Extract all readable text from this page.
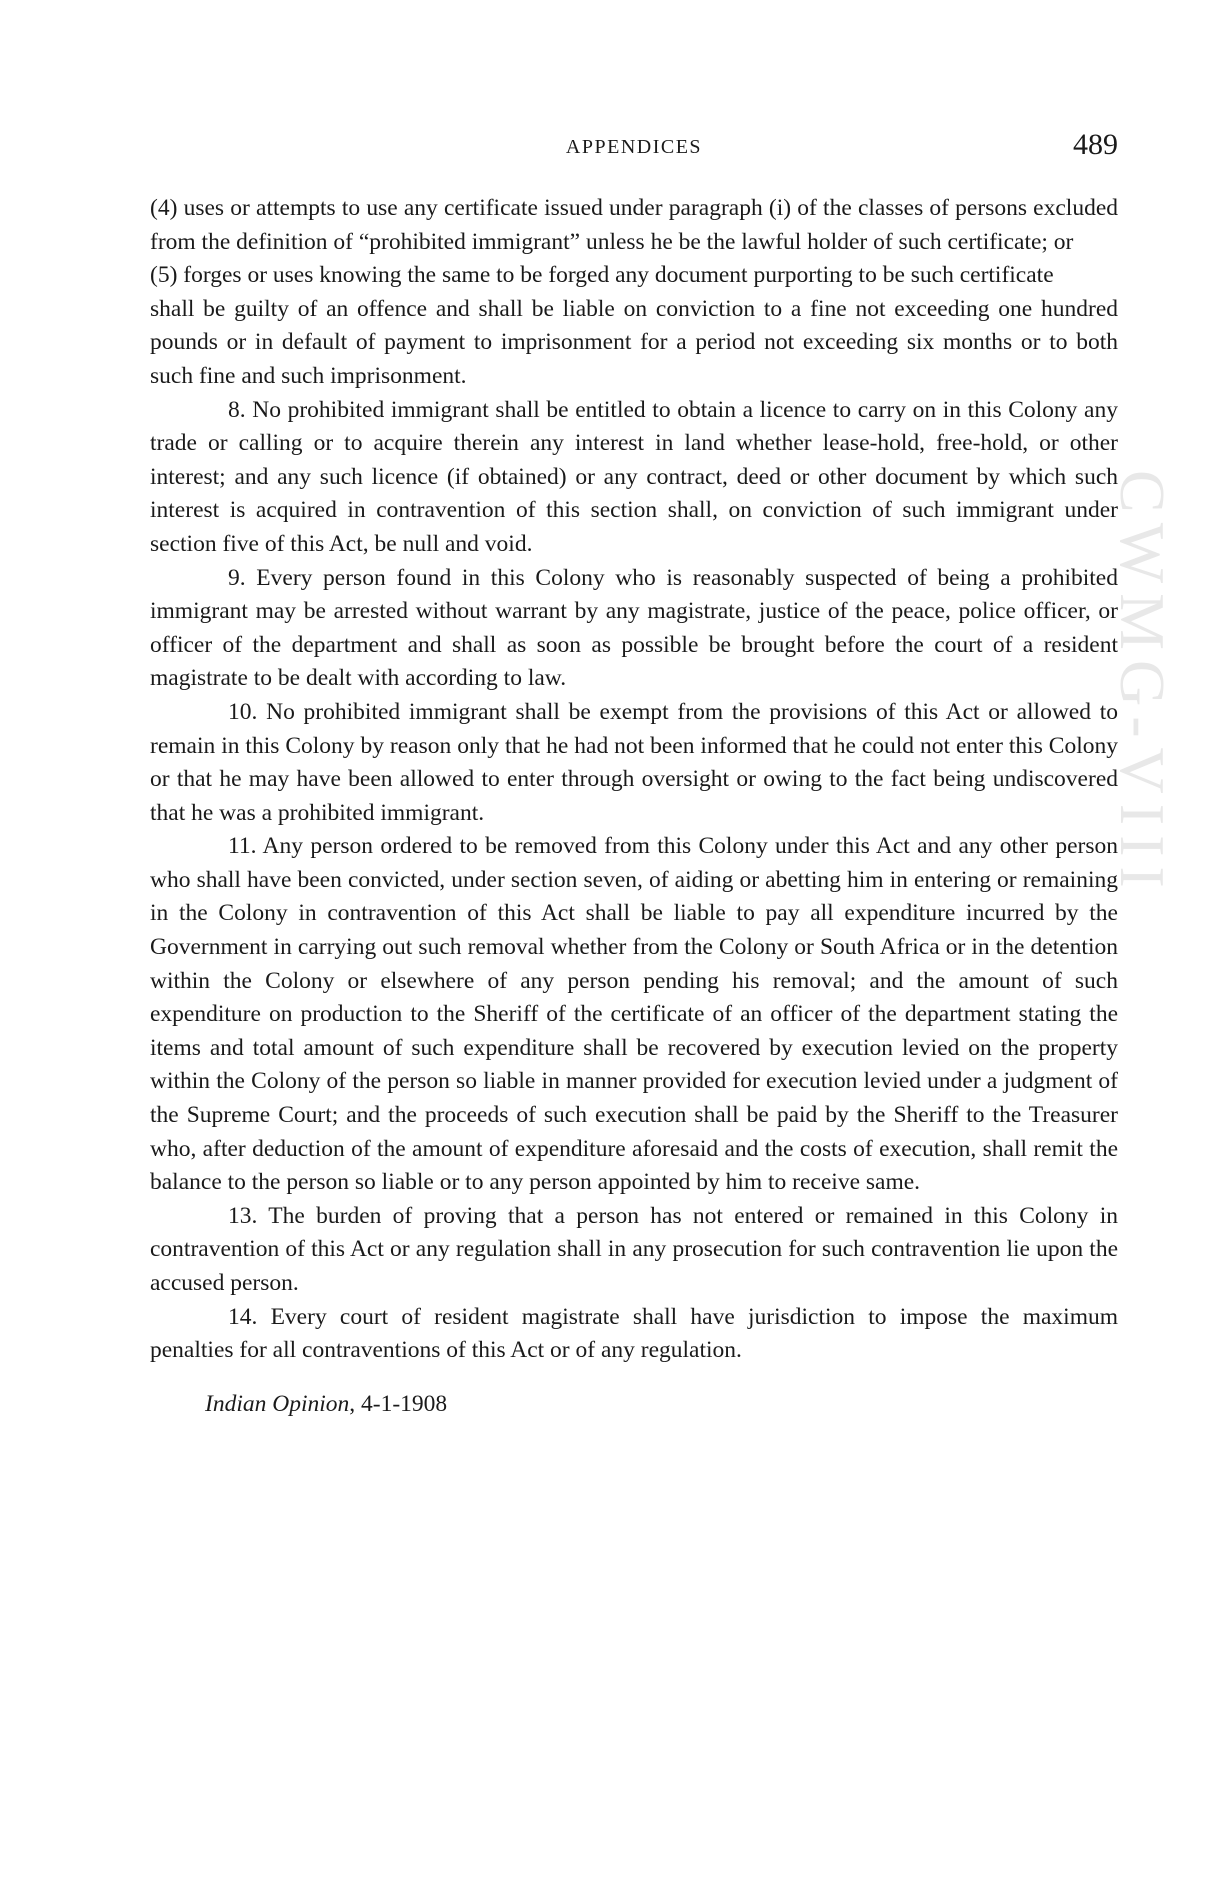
APPENDICES	489

(4) uses or attempts to use any certificate issued under paragraph (i) of the classes of persons excluded from the definition of “prohibited immigrant” unless he be the lawful holder of such certificate; or

(5) forges or uses knowing the same to be forged any document purporting to be such certificate

shall be guilty of an offence and shall be liable on conviction to a fine not exceeding one hundred pounds or in default of payment to imprisonment for a period not exceeding six months or to both such fine and such imprisonment.

8. No prohibited immigrant shall be entitled to obtain a licence to carry on in this Colony any trade or calling or to acquire therein any interest in land whether lease-hold, free-hold, or other interest; and any such licence (if obtained) or any contract, deed or other document by which such interest is acquired in contravention of this section shall, on conviction of such immigrant under section five of this Act, be null and void.

9. Every person found in this Colony who is reasonably suspected of being a prohibited immigrant may be arrested without warrant by any magistrate, justice of the peace, police officer, or officer of the department and shall as soon as possible be brought before the court of a resident magistrate to be dealt with according to law.

10. No prohibited immigrant shall be exempt from the provisions of this Act or allowed to remain in this Colony by reason only that he had not been informed that he could not enter this Colony or that he may have been allowed to enter through oversight or owing to the fact being undiscovered that he was a prohibited immigrant.

11. Any person ordered to be removed from this Colony under this Act and any other person who shall have been convicted, under section seven, of aiding or abetting him in entering or remaining in the Colony in contravention of this Act shall be liable to pay all expenditure incurred by the Government in carrying out such removal whether from the Colony or South Africa or in the detention within the Colony or elsewhere of any person pending his removal; and the amount of such expenditure on production to the Sheriff of the certificate of an officer of the department stating the items and total amount of such expenditure shall be recovered by execution levied on the property within the Colony of the person so liable in manner provided for execution levied under a judgment of the Supreme Court; and the proceeds of such execution shall be paid by the Sheriff to the Treasurer who, after deduction of the amount of expenditure aforesaid and the costs of execution, shall remit the balance to the person so liable or to any person appointed by him to receive same.

13. The burden of proving that a person has not entered or remained in this Colony in contravention of this Act or any regulation shall in any prosecution for such contravention lie upon the accused person.

14. Every court of resident magistrate shall have jurisdiction to impose the maximum penalties for all contraventions of this Act or of any regulation.

Indian Opinion, 4-1-1908
CWMG-VIII
